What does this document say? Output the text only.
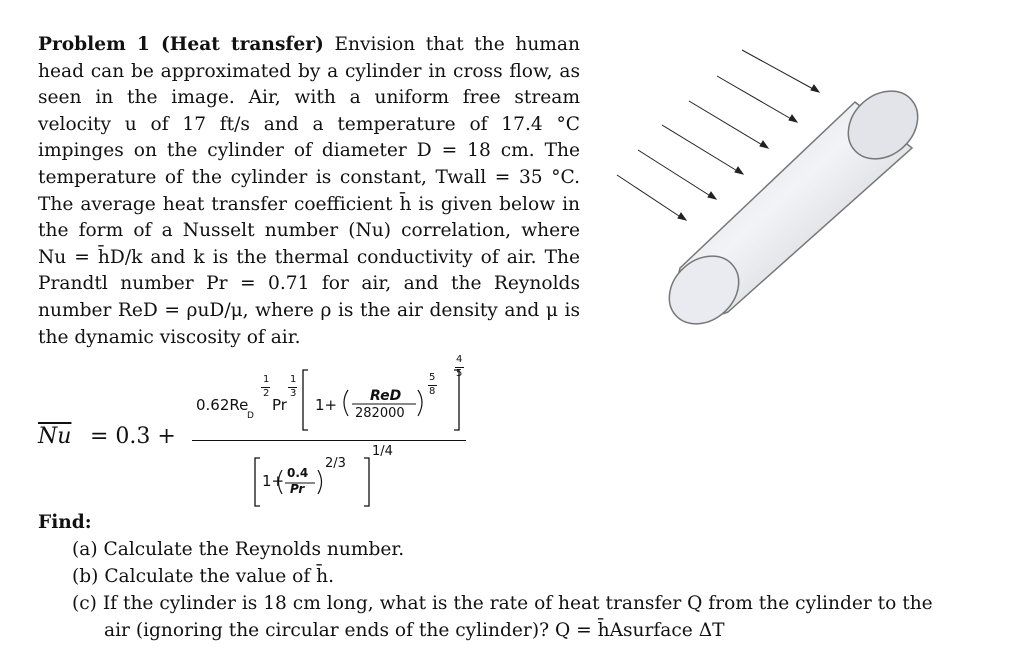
Problem 1 (Heat transfer) Envision that the human
head can be approximated by a cylinder in cross flow, as
seen in the image. Air, with a uniform free stream
velocity u of 17 ft/s and a temperature of 17.4 °C
impinges on the cylinder of diameter D = 18 cm. The
temperature of the cylinder is constant, Twall = 35 °C.
The average heat transfer coefficient h̄ is given below in
the form of a Nusselt number (Nu) correlation, where
Nu = h̄D/k and k is the thermal conductivity of air. The
Prandtl number Pr = 0.71 for air, and the Reynolds
number ReD = ρuD/μ, where ρ is the air density and μ is
the dynamic viscosity of air.
$\overline{Nu} = 0.3$ +
0.62Re
D
1
2
Pr
1
3
1+ ReD
282000
5
8
4
5
1+ 0.4
Pr
2/3
1/4
Find:
(a) Calculate the Reynolds number.
(b) Calculate the value of h̄.
(c) If the cylinder is 18 cm long, what is the rate of heat transfer Q from the cylinder to the
air (ignoring the circular ends of the cylinder)? Q = h̄Asurface ΔT
